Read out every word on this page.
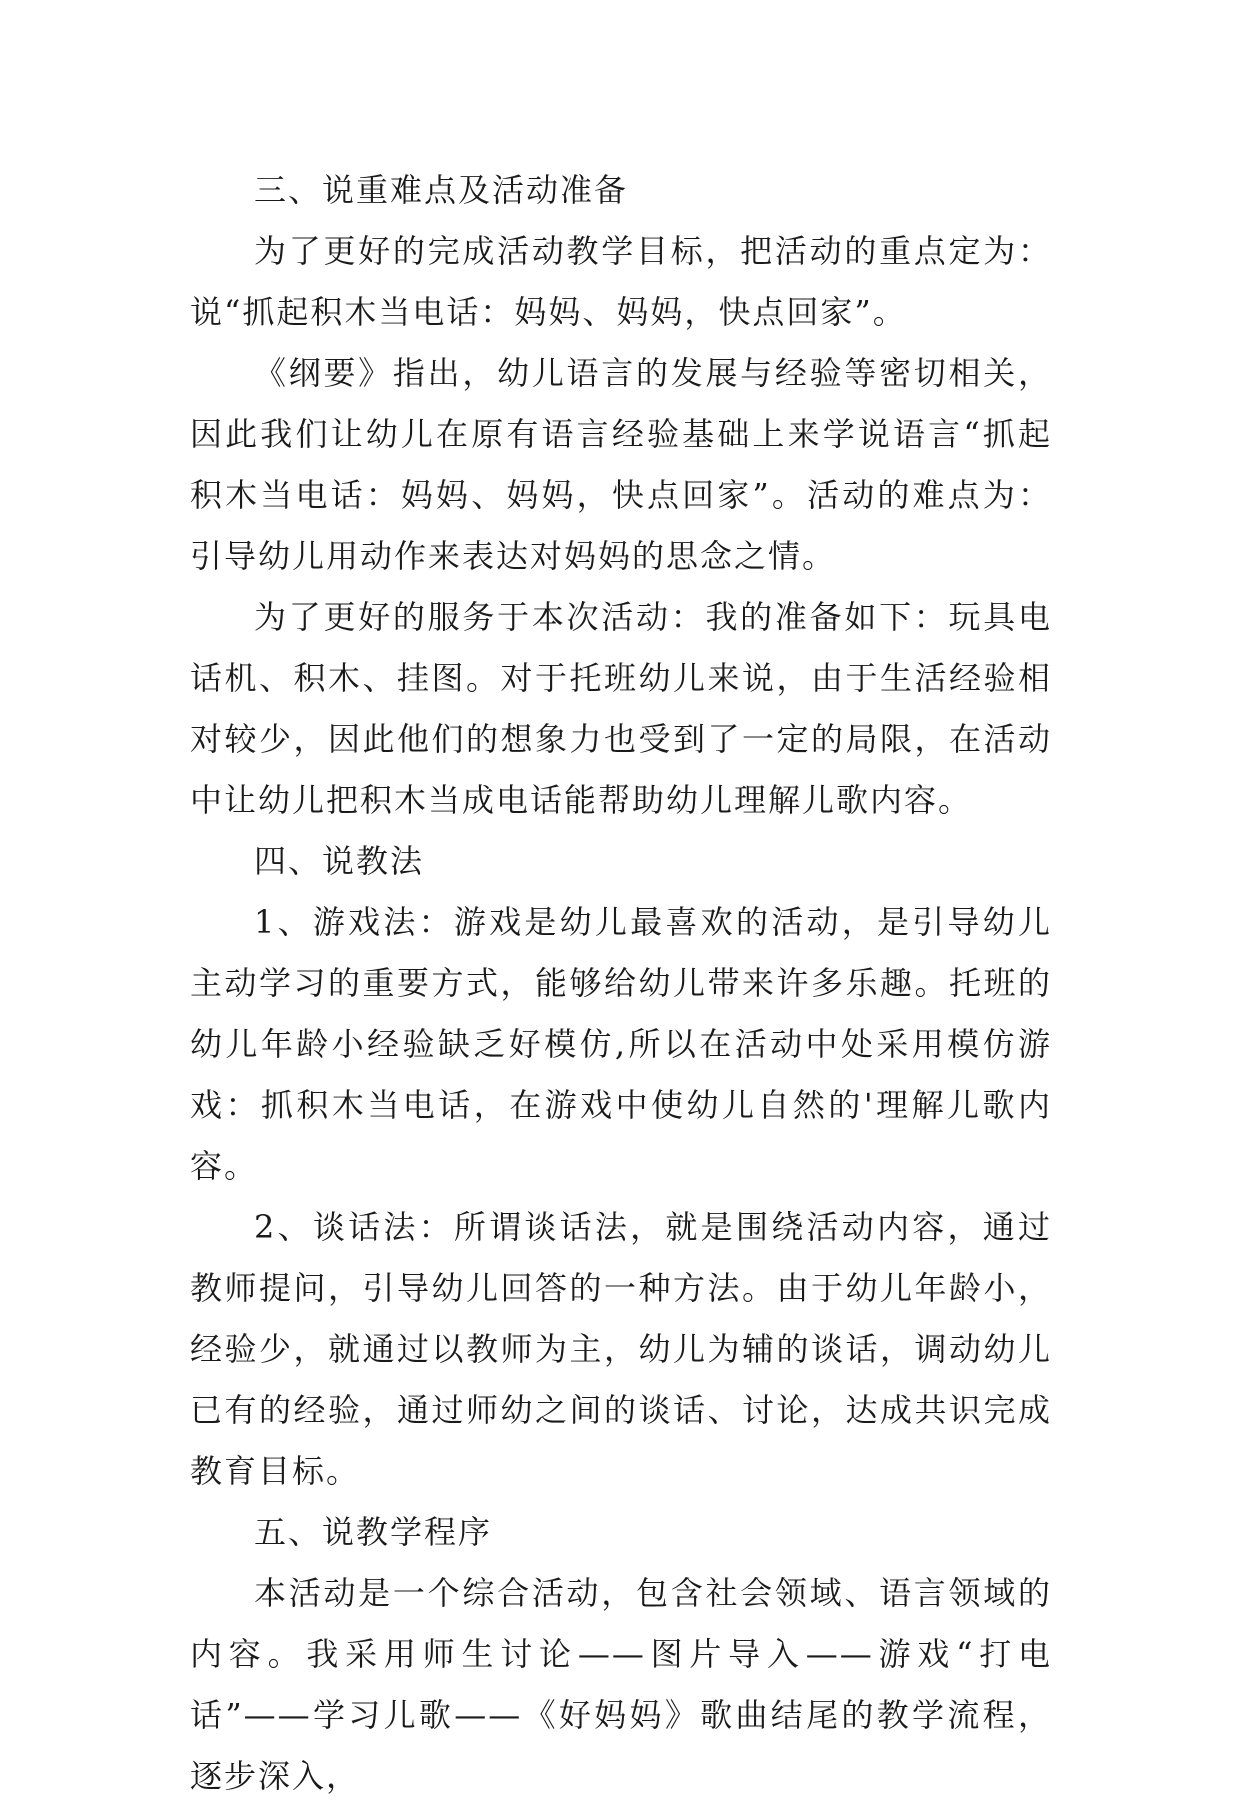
三、说重难点及活动准备

为了更好的完成活动教学目标，把活动的重点定为：说“抓起积木当电话：妈妈、妈妈，快点回家”。

《纲要》指出，幼儿语言的发展与经验等密切相关，因此我们让幼儿在原有语言经验基础上来学说语言“抓起积木当电话：妈妈、妈妈，快点回家”。活动的难点为：引导幼儿用动作来表达对妈妈的思念之情。

为了更好的服务于本次活动：我的准备如下：玩具电话机、积木、挂图。对于托班幼儿来说，由于生活经验相对较少，因此他们的想象力也受到了一定的局限，在活动中让幼儿把积木当成电话能帮助幼儿理解儿歌内容。

四、说教法

1、游戏法：游戏是幼儿最喜欢的活动，是引导幼儿主动学习的重要方式，能够给幼儿带来许多乐趣。托班的幼儿年龄小经验缺乏好模仿,所以在活动中处采用模仿游戏：抓积木当电话，在游戏中使幼儿自然的'理解儿歌内容。

2、谈话法：所谓谈话法，就是围绕活动内容，通过教师提问，引导幼儿回答的一种方法。由于幼儿年龄小，经验少，就通过以教师为主，幼儿为辅的谈话，调动幼儿已有的经验，通过师幼之间的谈话、讨论，达成共识完成教育目标。

五、说教学程序

本活动是一个综合活动，包含社会领域、语言领域的内容。我采用师生讨论——图片导入——游戏“打电话”——学习儿歌——《好妈妈》歌曲结尾的教学流程，逐步深入，
